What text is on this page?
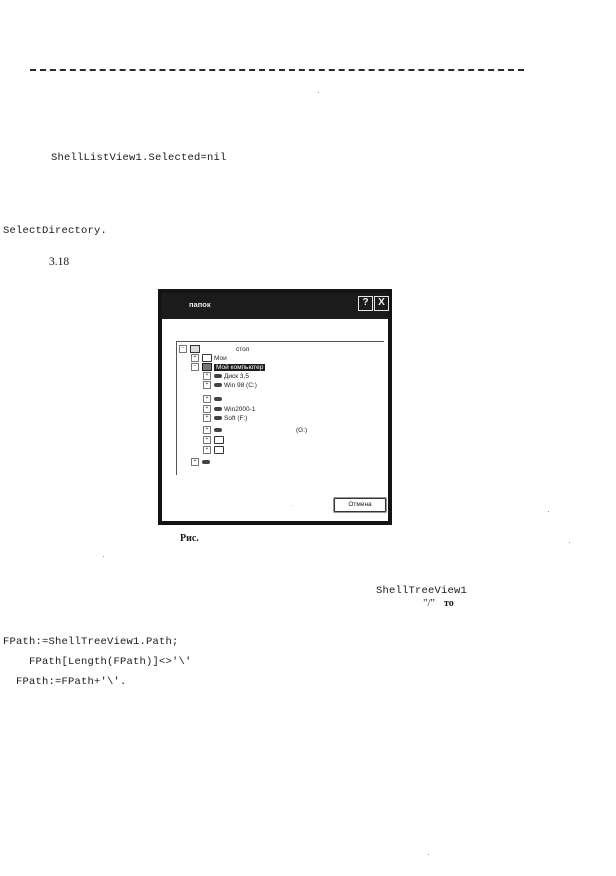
ShellListView1.Selected=nil
SelectDirectory.
3.18
папок	? X
−	стол
+	Мои
−	Мой компьютер
+ Диск 3,5
+ Win 98 (C:)
+
+ Win2000-1
+ Soft (F:)
+	(G:)
+
+
+
·.·	Отмена
Рис.
ShellTreeView1
"/" то
FPath:=ShellTreeView1.Path;
FPath[Length(FPath)]<>'\'
FPath:=FPath+'\'.
